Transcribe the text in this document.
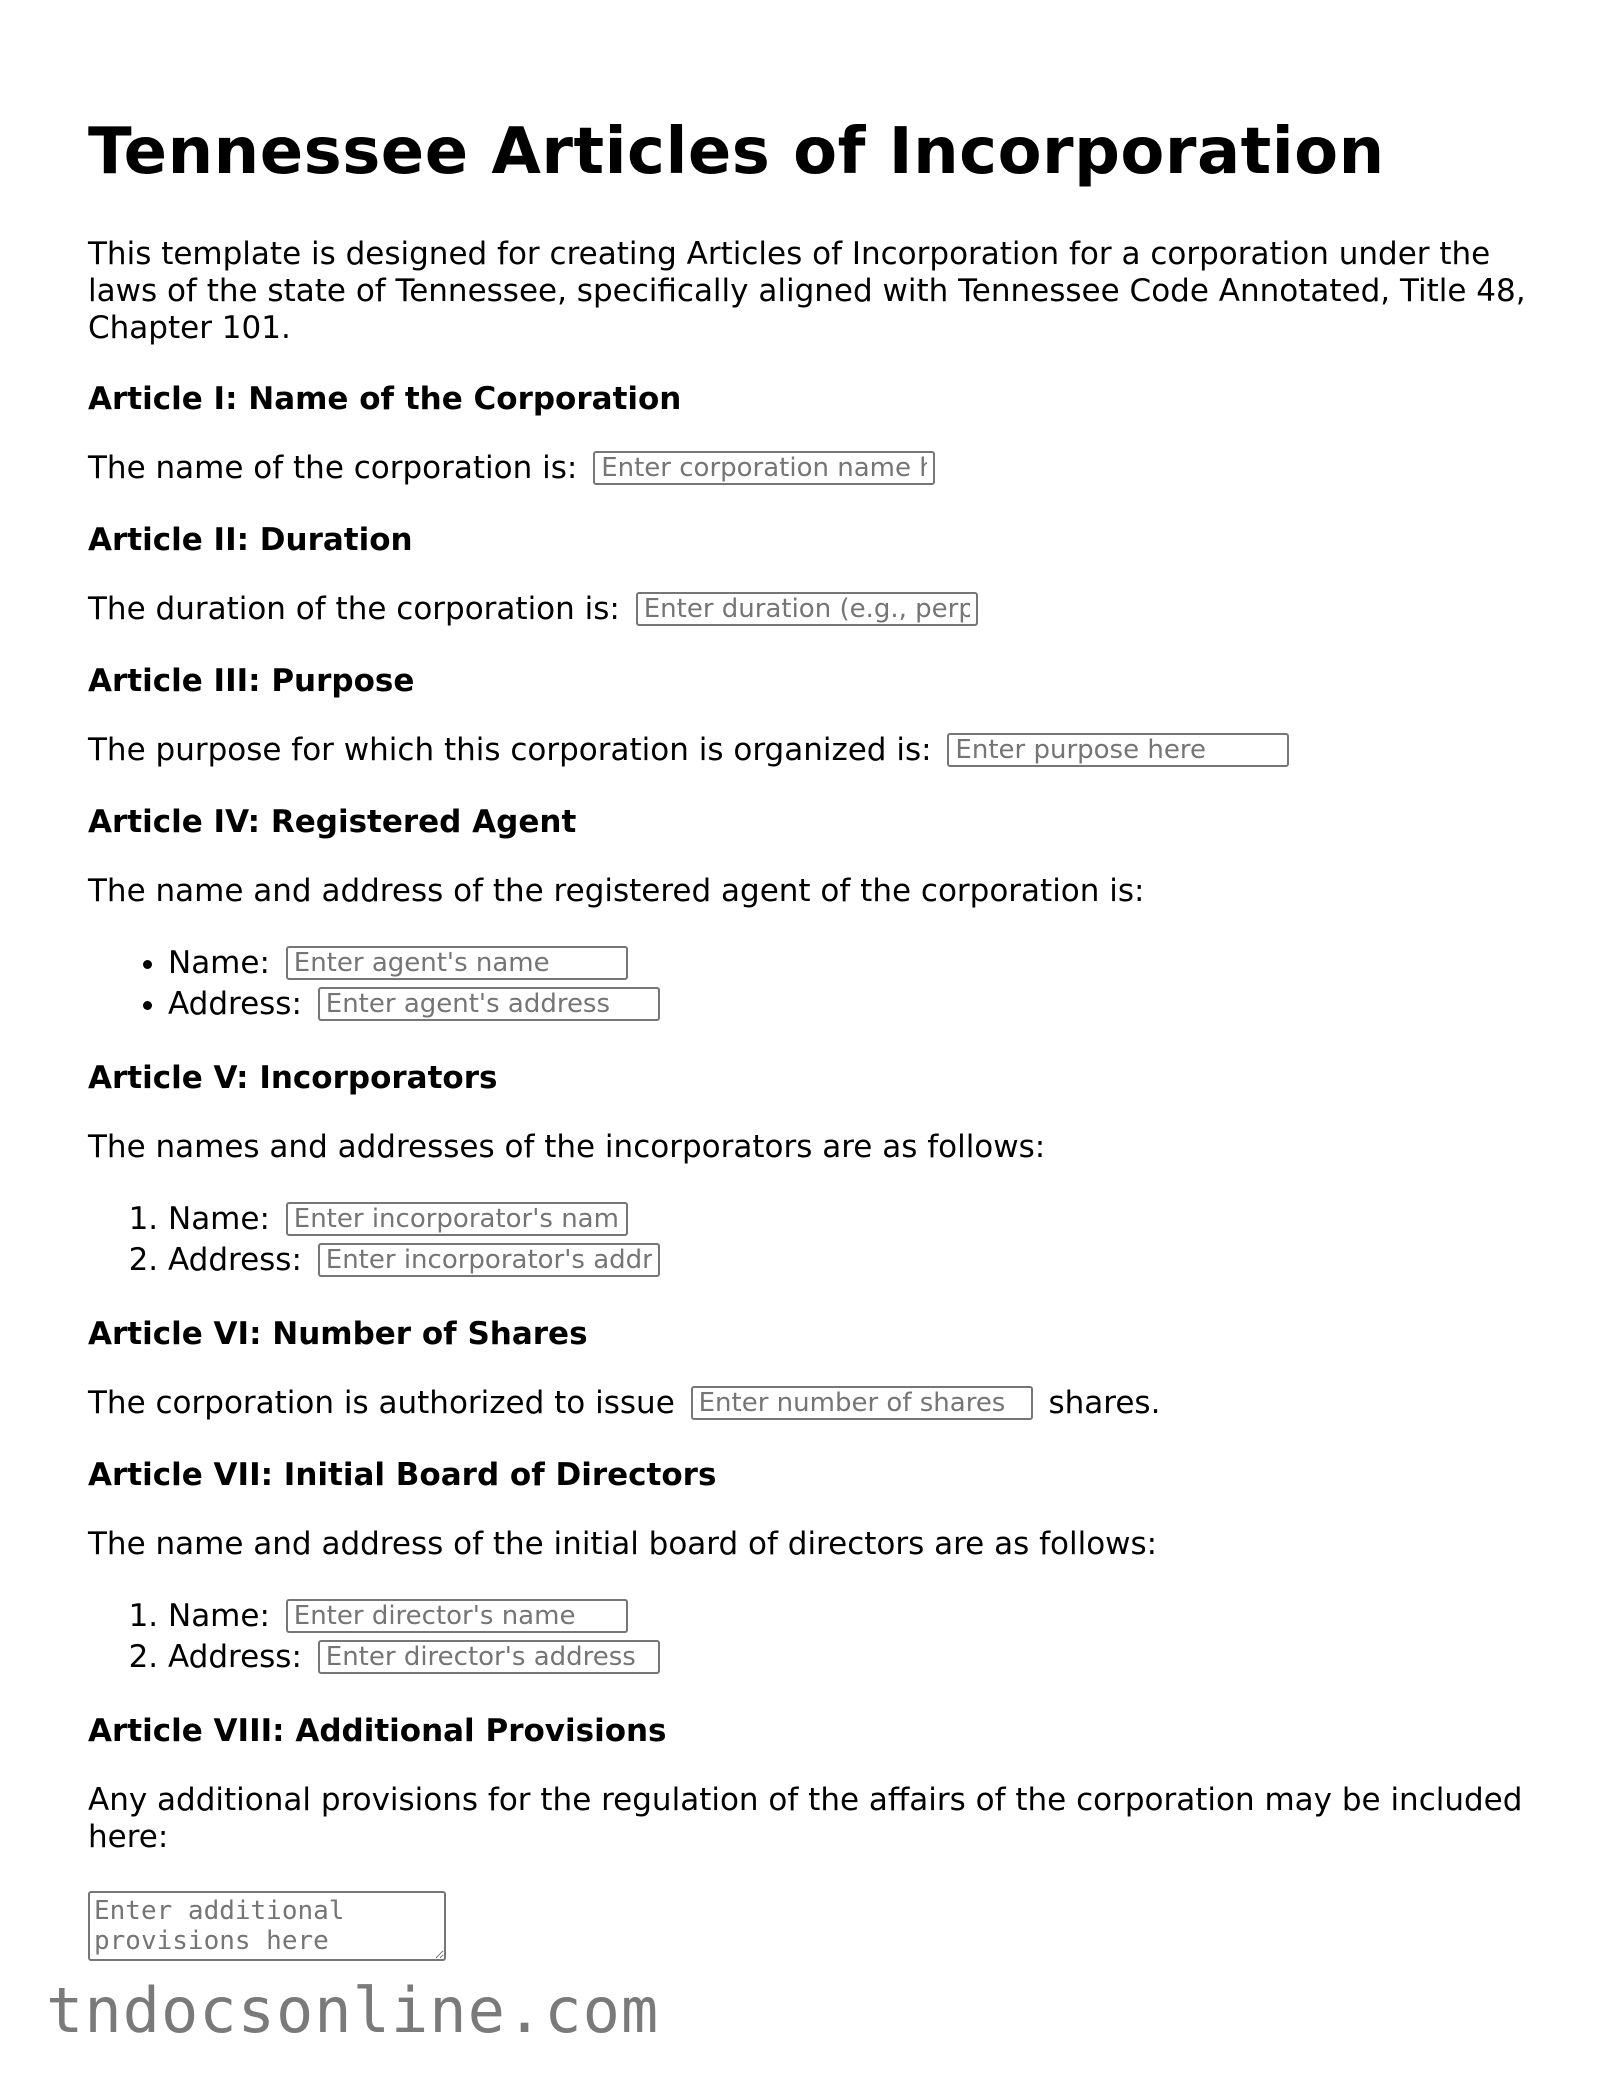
Tennessee Articles of Incorporation

This template is designed for creating Articles of Incorporation for a corporation under the laws of the state of Tennessee, specifically aligned with Tennessee Code Annotated, Title 48, Chapter 101.

Article I: Name of the Corporation

The name of the corporation is: Enter corporation name here

Article II: Duration

The duration of the corporation is: Enter duration (e.g., perpetual)

Article III: Purpose

The purpose for which this corporation is organized is: Enter purpose here

Article IV: Registered Agent

The name and address of the registered agent of the corporation is:

• Name: Enter agent's name
• Address: Enter agent's address
Article V: Incorporators

The names and addresses of the incorporators are as follows:

1. Name: Enter incorporator's name
2. Address: Enter incorporator's address
Article VI: Number of Shares

The corporation is authorized to issue Enter number of shares	shares.

Article VII: Initial Board of Directors

The name and address of the initial board of directors are as follows:

1. Name: Enter director's name
2. Address: Enter director's address
Article VIII: Additional Provisions

Any additional provisions for the regulation of the affairs of the corporation may be included here:

Enter additional provisions here
tndocsonline.com
